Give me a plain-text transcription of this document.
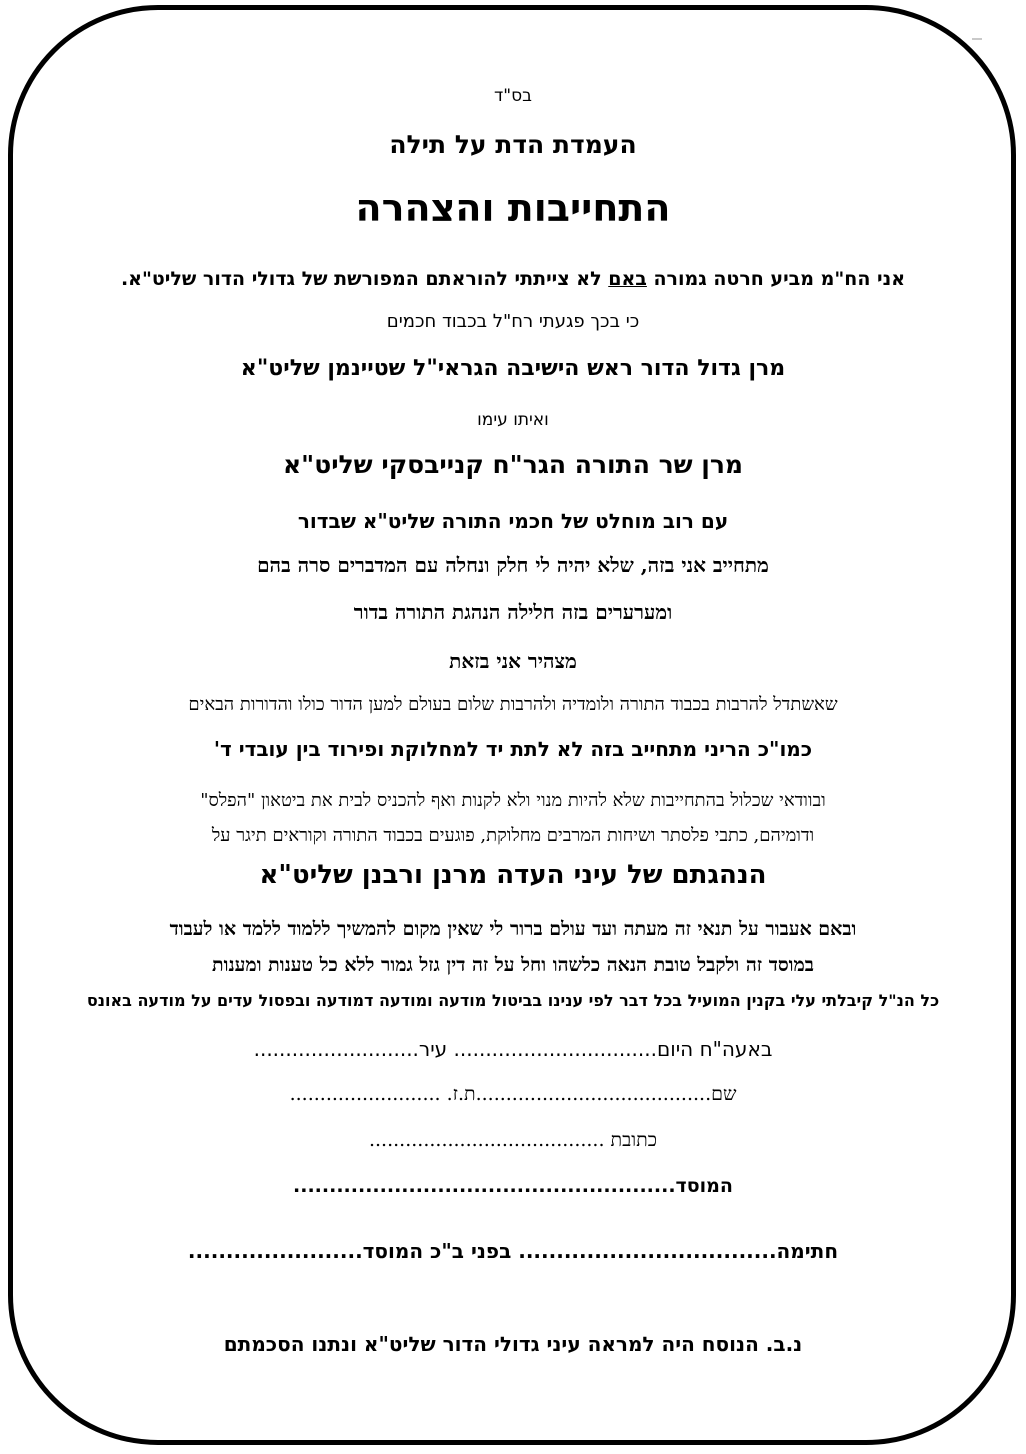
בס"ד
העמדת הדת על תילה
התחייבות והצהרה
אני הח"מ מביע חרטה גמורה באם לא צייתתי להוראתם המפורשת של גדולי הדור שליט"א.
כי בכך פגעתי רח"ל בכבוד חכמים
מרן גדול הדור ראש הישיבה הגראי"ל שטיינמן שליט"א
ואיתו עימו
מרן שר התורה הגר"ח קנייבסקי שליט"א
עם רוב מוחלט של חכמי התורה שליט"א שבדור
מתחייב אני בזה, שלא יהיה לי חלק ונחלה עם המדברים סרה בהם
ומערערים בזה חלילה הנהגת התורה בדור
מצהיר אני בזאת
שאשתדל להרבות בכבוד התורה ולומדיה ולהרבות שלום בעולם למען הדור כולו והדורות הבאים
כמו"כ הריני מתחייב בזה לא לתת יד למחלוקת ופירוד בין עובדי ד'
ובוודאי שכלול בהתחייבות שלא להיות מנוי ולא לקנות ואף להכניס לבית את ביטאון "הפלס"
ודומיהם, כתבי פלסתר ושיחות המרבים מחלוקת, פוגעים בכבוד התורה וקוראים תיגר על
הנהגתם של עיני העדה מרנן ורבנן שליט"א
ובאם אעבור על תנאי זה מעתה ועד עולם ברור לי שאין מקום להמשיך ללמוד ללמד או לעבוד
במוסד זה ולקבל טובת הנאה כלשהו וחל על זה דין גזל גמור ללא כל טענות ומענות
כל הנ"ל קיבלתי עלי בקנין המועיל בכל דבר לפי ענינו בביטול מודעה ומודעה דמודעה ובפסול עדים על מודעה באונס
באעה"ח היום................................ עיר..........................
שם.......................................ת.ז. .........................
כתובת .......................................
המוסד.....................................................
חתימה.................................. בפני ב"כ המוסד.......................
נ.ב. הנוסח היה למראה עיני גדולי הדור שליט"א ונתנו הסכמתם
